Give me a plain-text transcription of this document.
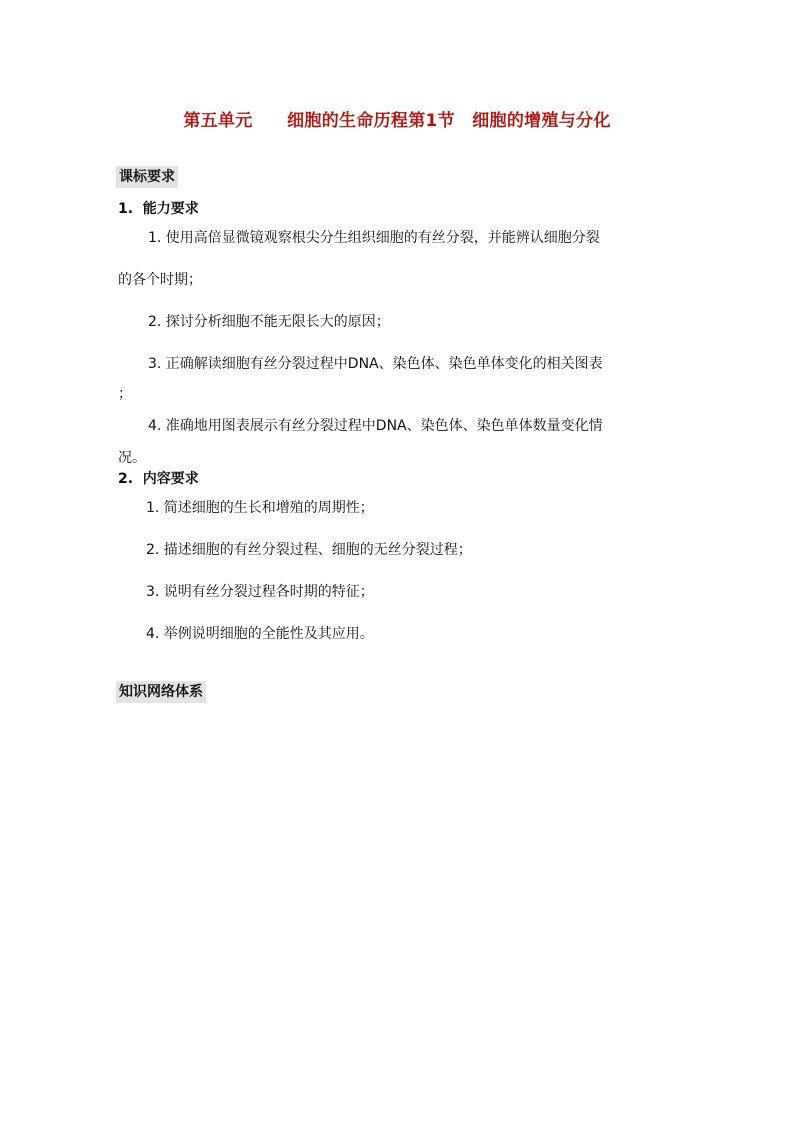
第五单元　　细胞的生命历程第1节　细胞的增殖与分化
课标要求
1.  能力要求
1. 使用高倍显微镜观察根尖分生组织细胞的有丝分裂，并能辨认细胞分裂
的各个时期；
2. 探讨分析细胞不能无限长大的原因；
3. 正确解读细胞有丝分裂过程中DNA、染色体、染色单体变化的相关图表
；
4. 准确地用图表展示有丝分裂过程中DNA、染色体、染色单体数量变化情
况。
2.  内容要求
1. 简述细胞的生长和增殖的周期性；
2. 描述细胞的有丝分裂过程、细胞的无丝分裂过程；
3. 说明有丝分裂过程各时期的特征；
4. 举例说明细胞的全能性及其应用。
知识网络体系
